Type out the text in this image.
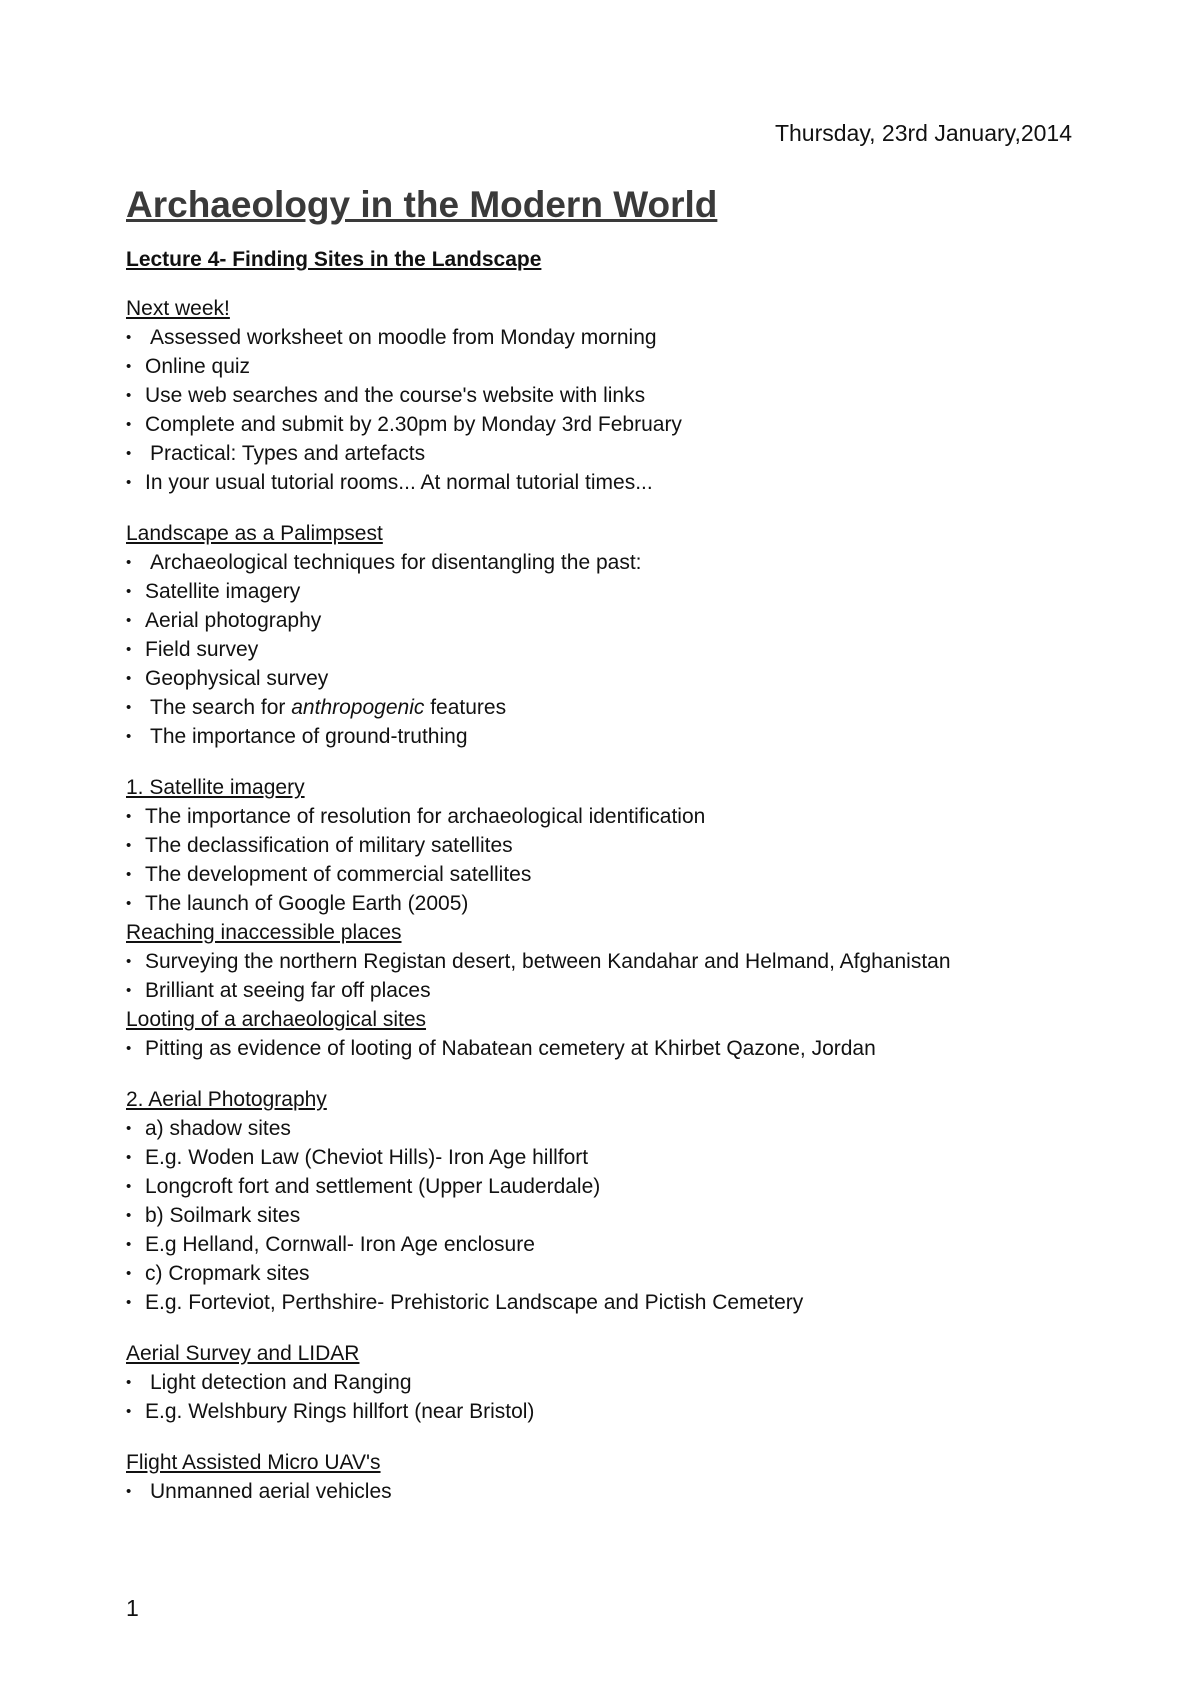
Thursday, 23rd January,2014
Archaeology in the Modern World

Lecture 4- Finding Sites in the Landscape

Next week!

• Assessed worksheet on moodle from Monday morning
• Online quiz
• Use web searches and the course's website with links
• Complete and submit by 2.30pm by Monday 3rd February
• Practical: Types and artefacts
• In your usual tutorial rooms... At normal tutorial times...

Landscape as a Palimpsest

• Archaeological techniques for disentangling the past:
• Satellite imagery
• Aerial photography
• Field survey
• Geophysical survey
• The search for anthropogenic features
• The importance of ground-truthing

1. Satellite imagery

• The importance of resolution for archaeological identification
• The declassification of military satellites
• The development of commercial satellites
• The launch of Google Earth (2005)

Reaching inaccessible places

• Surveying the northern Registan desert, between Kandahar and Helmand, Afghanistan
• Brilliant at seeing far off places

Looting of a archaeological sites

• Pitting as evidence of looting of Nabatean cemetery at Khirbet Qazone, Jordan

2. Aerial Photography

• a) shadow sites
• E.g. Woden Law (Cheviot Hills)- Iron Age hillfort
• Longcroft fort and settlement (Upper Lauderdale)
• b) Soilmark sites
• E.g Helland, Cornwall- Iron Age enclosure
• c) Cropmark sites
• E.g. Forteviot, Perthshire- Prehistoric Landscape and Pictish Cemetery

Aerial Survey and LIDAR

• Light detection and Ranging
• E.g. Welshbury Rings hillfort (near Bristol)

Flight Assisted Micro UAV's

• Unmanned aerial vehicles
1
